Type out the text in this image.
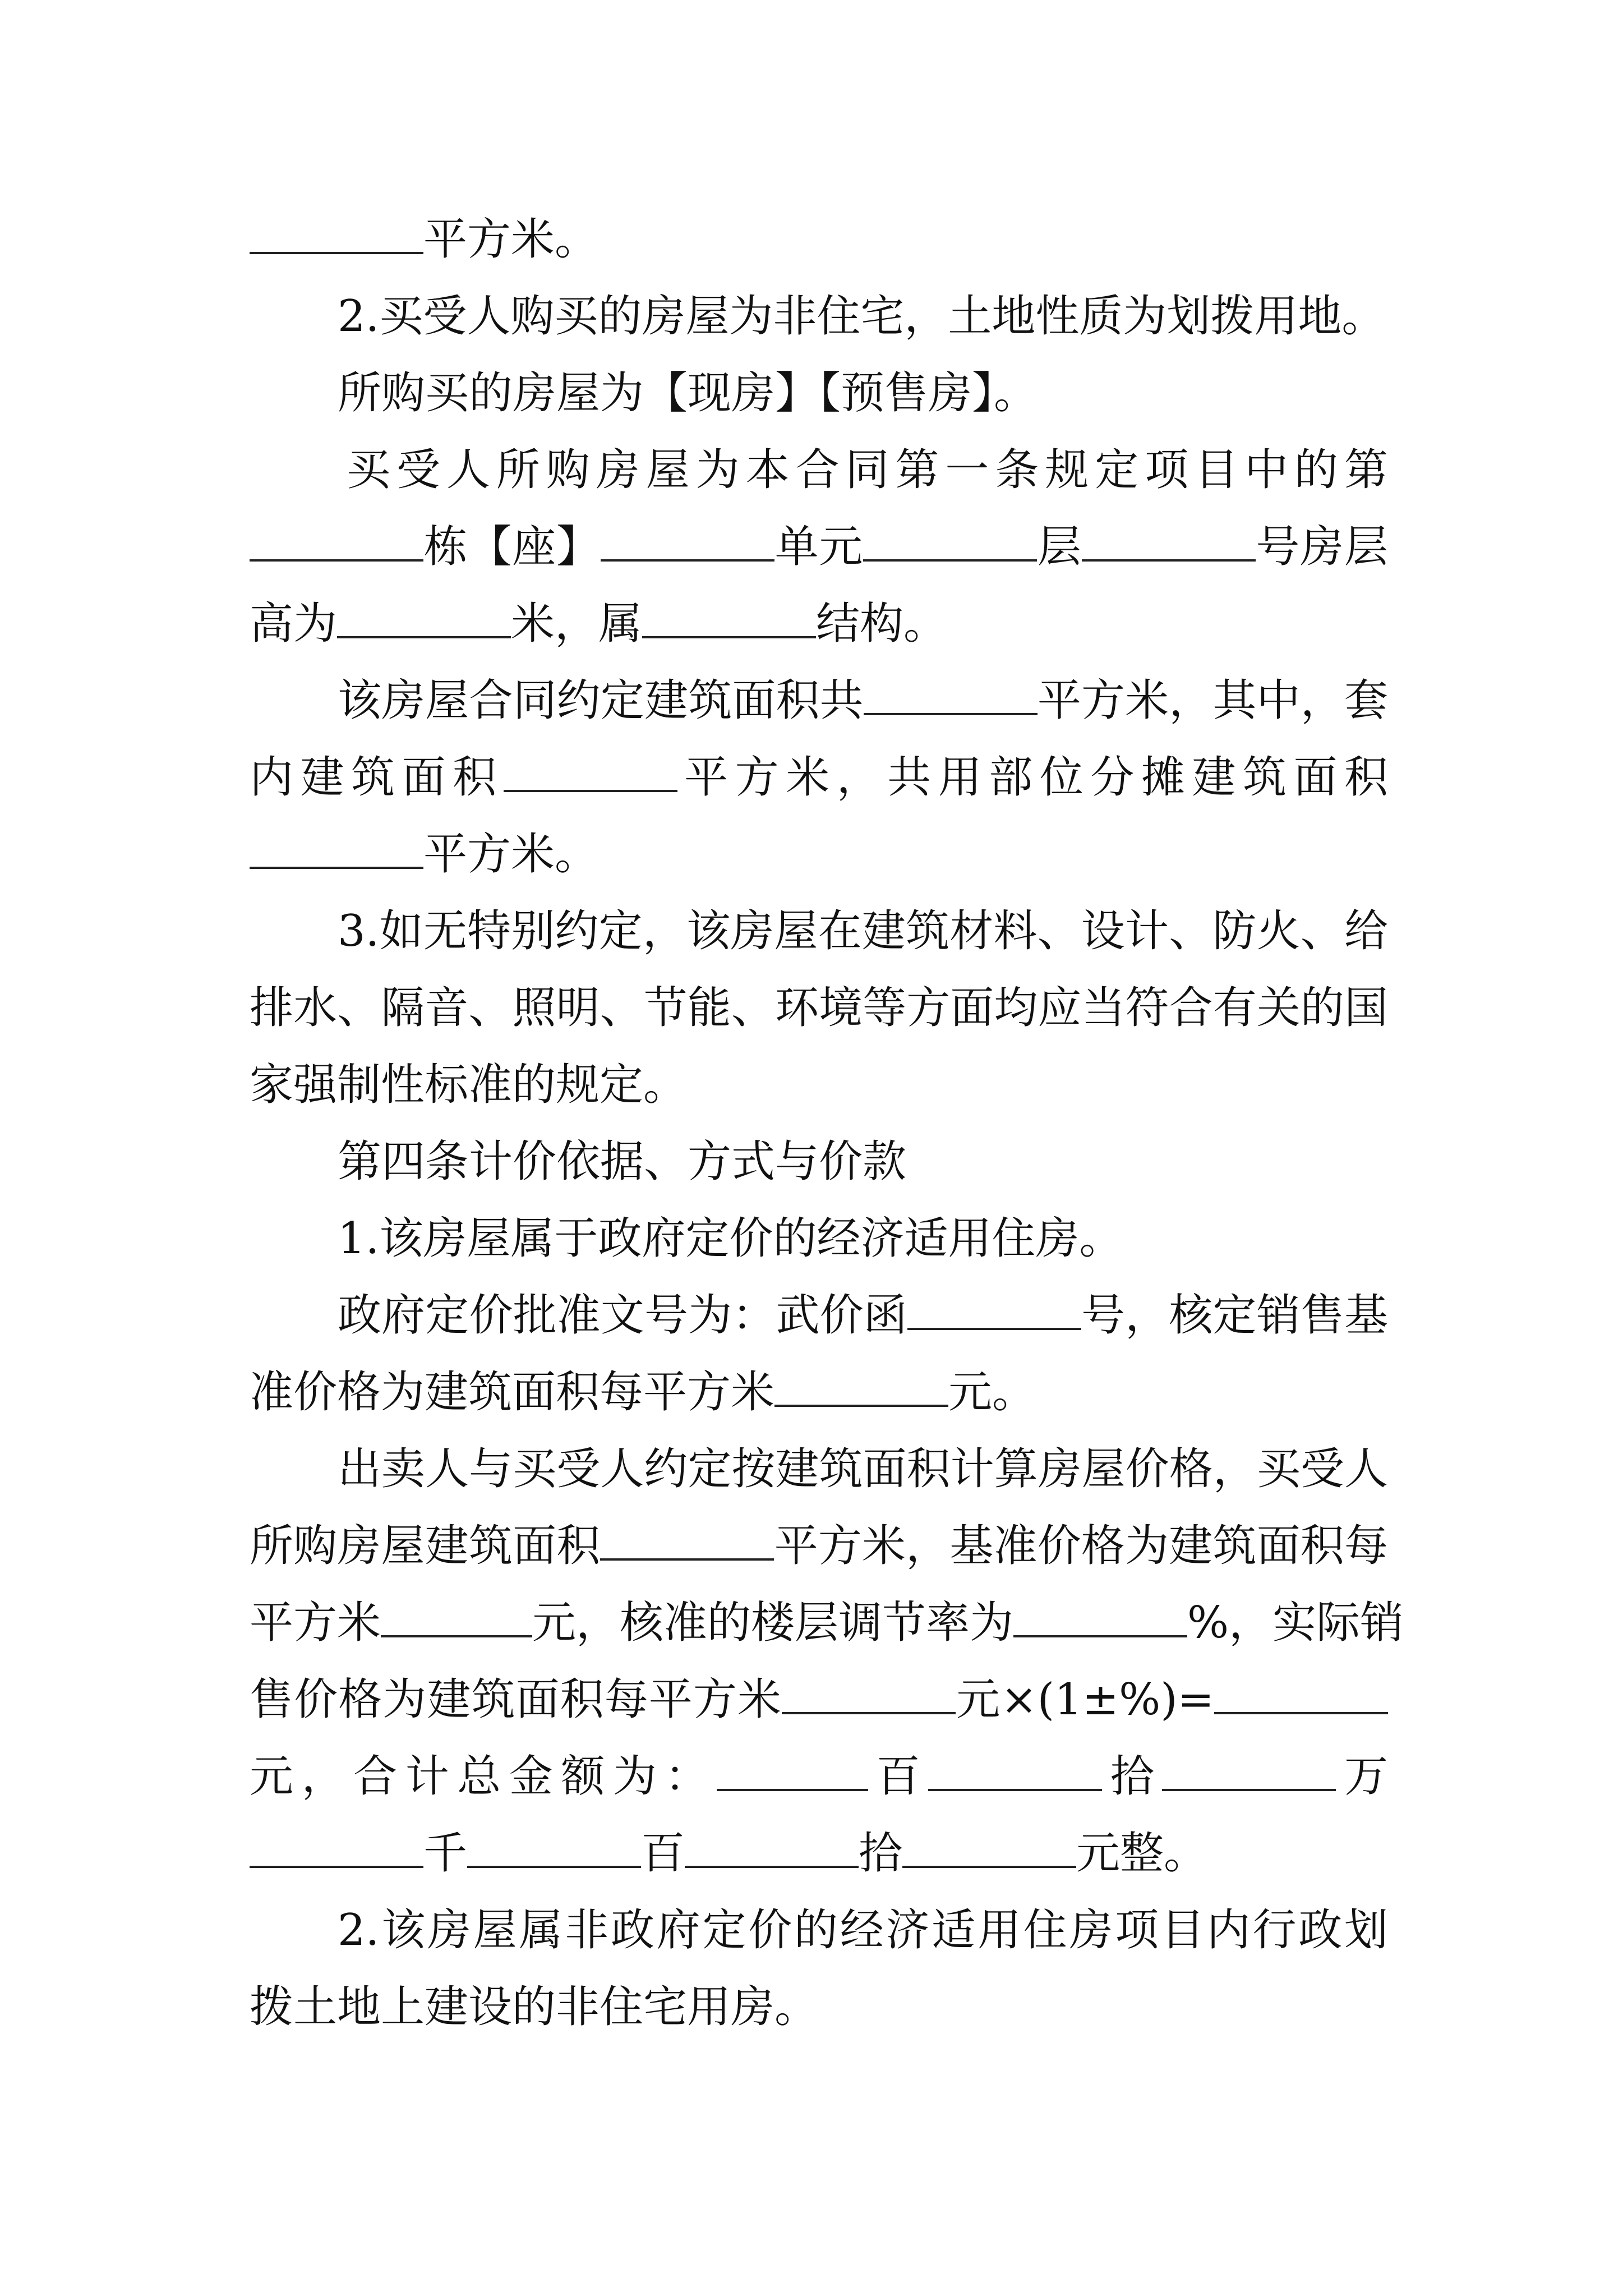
平方米。
2.买受人购买的房屋为非住宅，土地性质为划拨用地。
所购买的房屋为【现房】【预售房】。
买受人所购房屋为本合同第一条规定项目中的第
栋【座】	单元	层	号房层
高为	米，属	结构。
该房屋合同约定建筑面积共	平方米，其中，套
内建筑面积	平方米，共用部位分摊建筑面积
平方米。
3.如无特别约定，该房屋在建筑材料、设计、防火、给
排水、隔音、照明、节能、环境等方面均应当符合有关的国
家强制性标准的规定。
第四条计价依据、方式与价款
1.该房屋属于政府定价的经济适用住房。
政府定价批准文号为：武价函	号，核定销售基
准价格为建筑面积每平方米	元。
出卖人与买受人约定按建筑面积计算房屋价格，买受人
所购房屋建筑面积	平方米，基准价格为建筑面积每
平方米	元，核准的楼层调节率为	%，实际销
售价格为建筑面积每平方米	元×(1±%)=
元，合计总金额为：	百	拾	万
千	百	拾	元整。
2.该房屋属非政府定价的经济适用住房项目内行政划
拨土地上建设的非住宅用房。
